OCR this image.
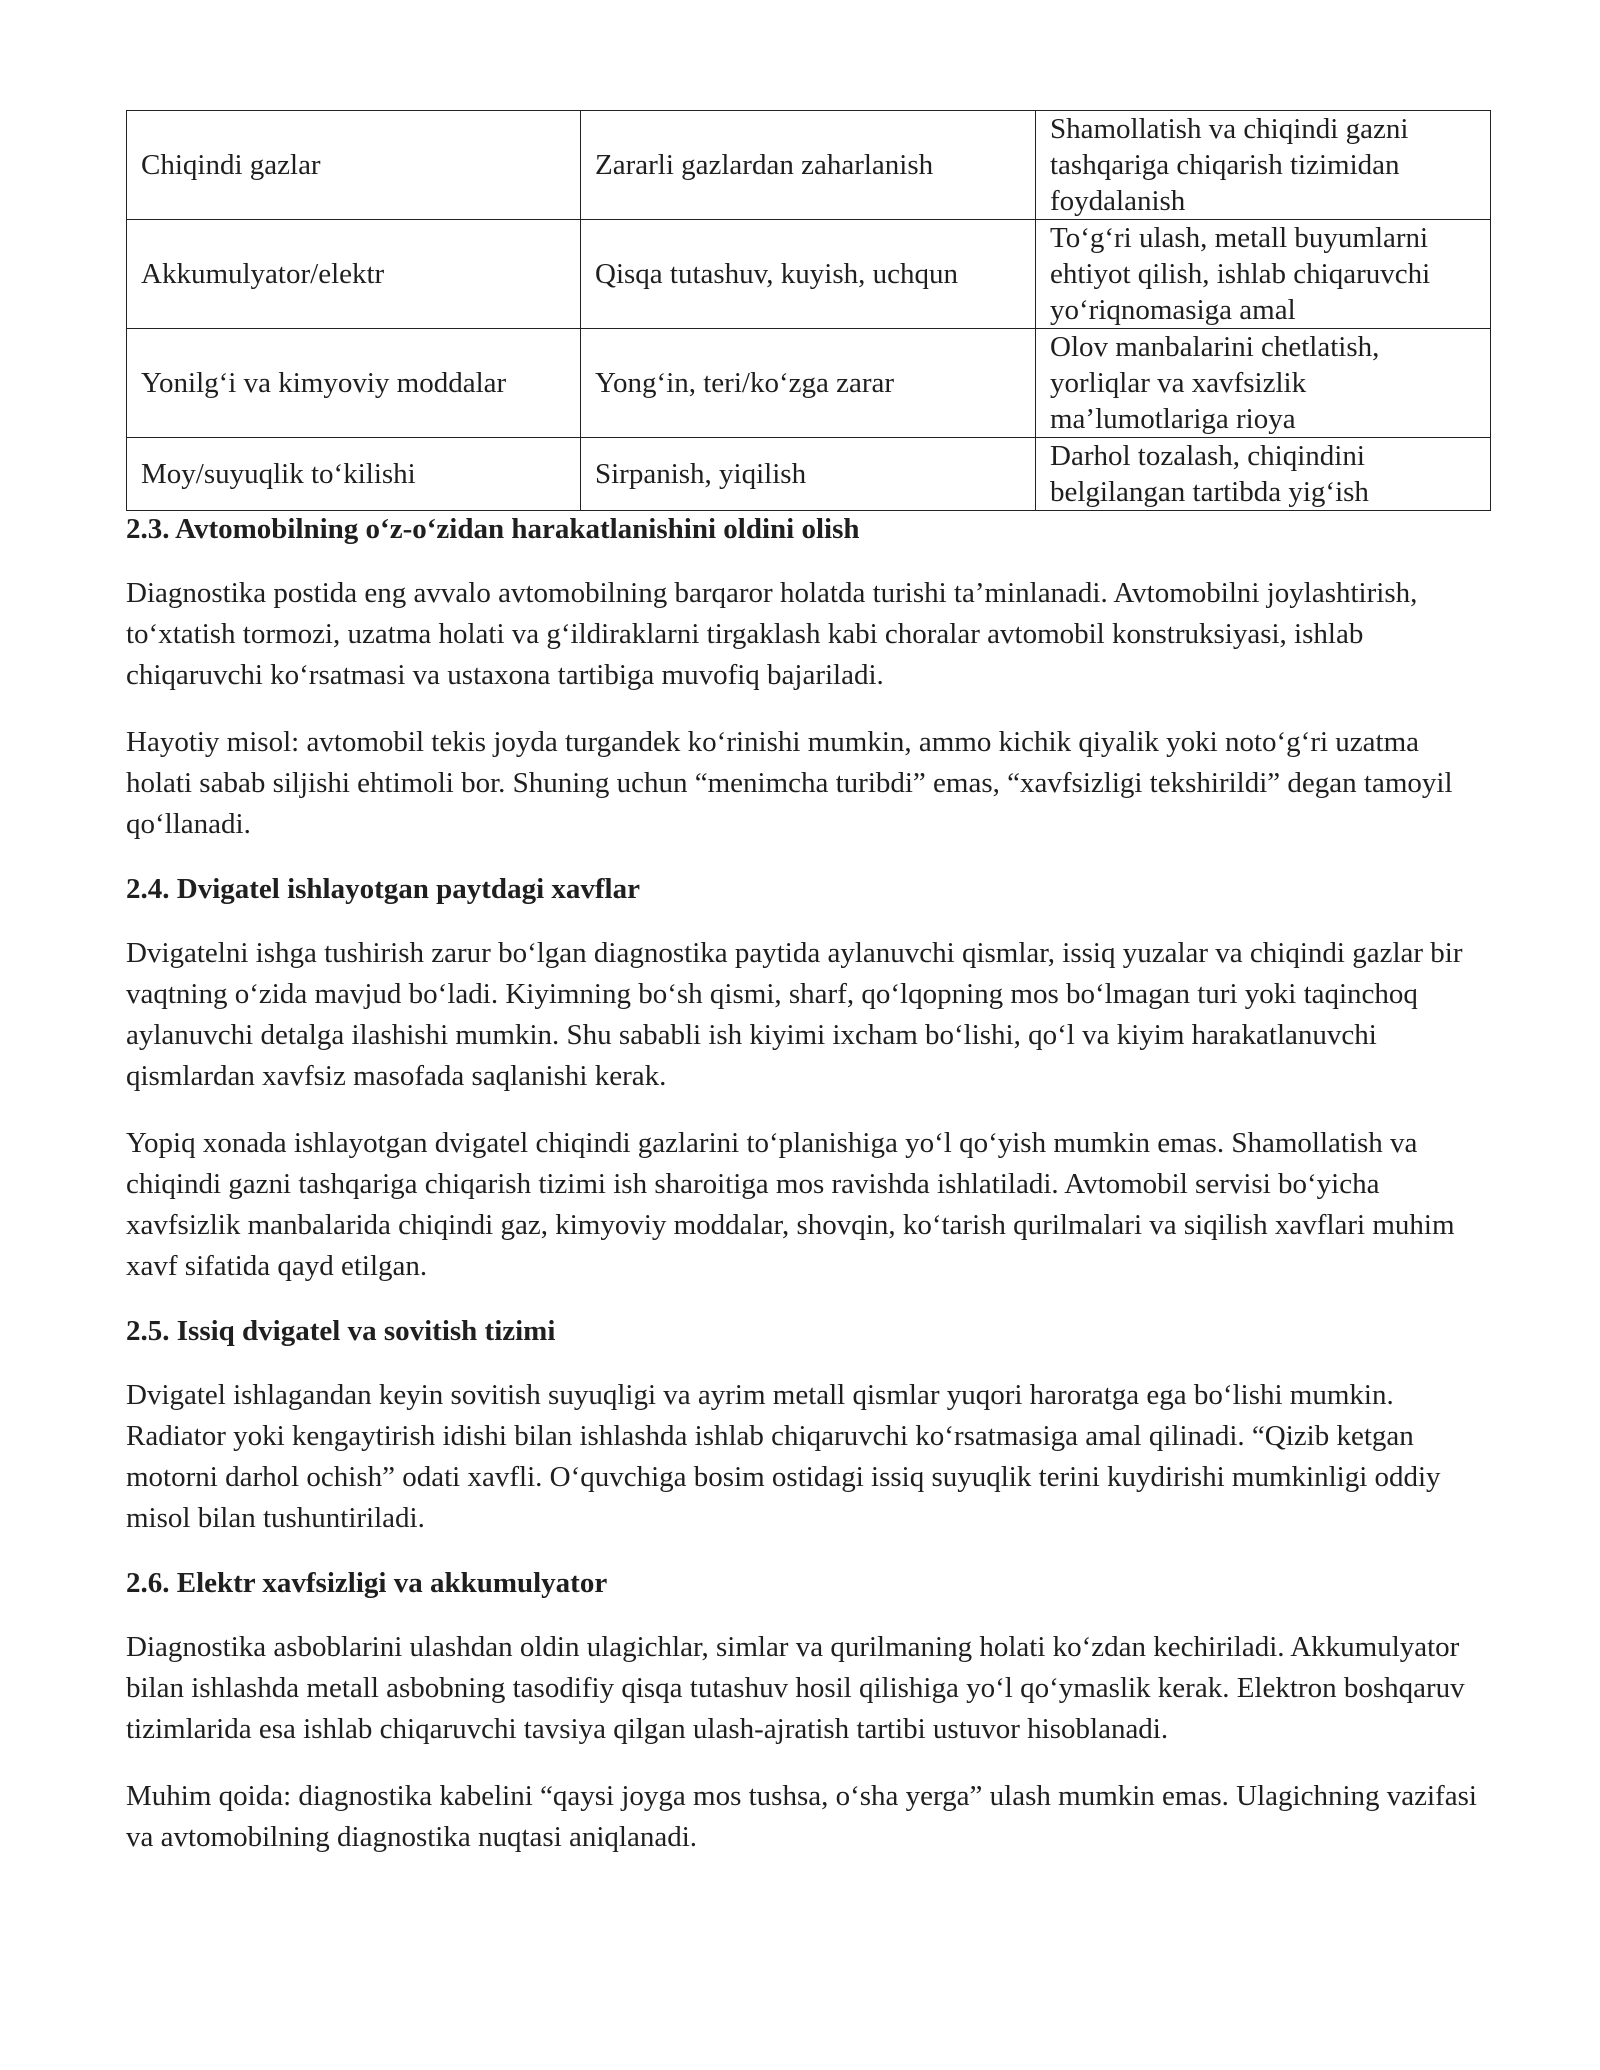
Chiqindi gazlar	Zararli gazlardan zaharlanish	Shamollatish va chiqindi gazni tashqariga chiqarish tizimidan foydalanish
Akkumulyator/elektr	Qisqa tutashuv, kuyish, uchqun	To‘g‘ri ulash, metall buyumlarni ehtiyot qilish, ishlab chiqaruvchi yo‘riqnomasiga amal
Yonilg‘i va kimyoviy moddalar	Yong‘in, teri/ko‘zga zarar	Olov manbalarini chetlatish, yorliqlar va xavfsizlik ma’lumotlariga rioya
Moy/suyuqlik to‘kilishi	Sirpanish, yiqilish	Darhol tozalash, chiqindini belgilangan tartibda yig‘ish
2.3. Avtomobilning o‘z-o‘zidan harakatlanishini oldini olish

Diagnostika postida eng avvalo avtomobilning barqaror holatda turishi ta’minlanadi. Avtomobilni joylashtirish, to‘xtatish tormozi, uzatma holati va g‘ildiraklarni tirgaklash kabi choralar avtomobil konstruksiyasi, ishlab chiqaruvchi ko‘rsatmasi va ustaxona tartibiga muvofiq bajariladi.

Hayotiy misol: avtomobil tekis joyda turgandek ko‘rinishi mumkin, ammo kichik qiyalik yoki noto‘g‘ri uzatma holati sabab siljishi ehtimoli bor. Shuning uchun “menimcha turibdi” emas, “xavfsizligi tekshirildi” degan tamoyil qo‘llanadi.

2.4. Dvigatel ishlayotgan paytdagi xavflar

Dvigatelni ishga tushirish zarur bo‘lgan diagnostika paytida aylanuvchi qismlar, issiq yuzalar va chiqindi gazlar bir vaqtning o‘zida mavjud bo‘ladi. Kiyimning bo‘sh qismi, sharf, qo‘lqopning mos bo‘lmagan turi yoki taqinchoq aylanuvchi detalga ilashishi mumkin. Shu sababli ish kiyimi ixcham bo‘lishi, qo‘l va kiyim harakatlanuvchi qismlardan xavfsiz masofada saqlanishi kerak.

Yopiq xonada ishlayotgan dvigatel chiqindi gazlarini to‘planishiga yo‘l qo‘yish mumkin emas. Shamollatish va chiqindi gazni tashqariga chiqarish tizimi ish sharoitiga mos ravishda ishlatiladi. Avtomobil servisi bo‘yicha xavfsizlik manbalarida chiqindi gaz, kimyoviy moddalar, shovqin, ko‘tarish qurilmalari va siqilish xavflari muhim xavf sifatida qayd etilgan.

2.5. Issiq dvigatel va sovitish tizimi

Dvigatel ishlagandan keyin sovitish suyuqligi va ayrim metall qismlar yuqori haroratga ega bo‘lishi mumkin. Radiator yoki kengaytirish idishi bilan ishlashda ishlab chiqaruvchi ko‘rsatmasiga amal qilinadi. “Qizib ketgan motorni darhol ochish” odati xavfli. O‘quvchiga bosim ostidagi issiq suyuqlik terini kuydirishi mumkinligi oddiy misol bilan tushuntiriladi.

2.6. Elektr xavfsizligi va akkumulyator

Diagnostika asboblarini ulashdan oldin ulagichlar, simlar va qurilmaning holati ko‘zdan kechiriladi. Akkumulyator bilan ishlashda metall asbobning tasodifiy qisqa tutashuv hosil qilishiga yo‘l qo‘ymaslik kerak. Elektron boshqaruv tizimlarida esa ishlab chiqaruvchi tavsiya qilgan ulash-ajratish tartibi ustuvor hisoblanadi.

Muhim qoida: diagnostika kabelini “qaysi joyga mos tushsa, o‘sha yerga” ulash mumkin emas. Ulagichning vazifasi va avtomobilning diagnostika nuqtasi aniqlanadi.
